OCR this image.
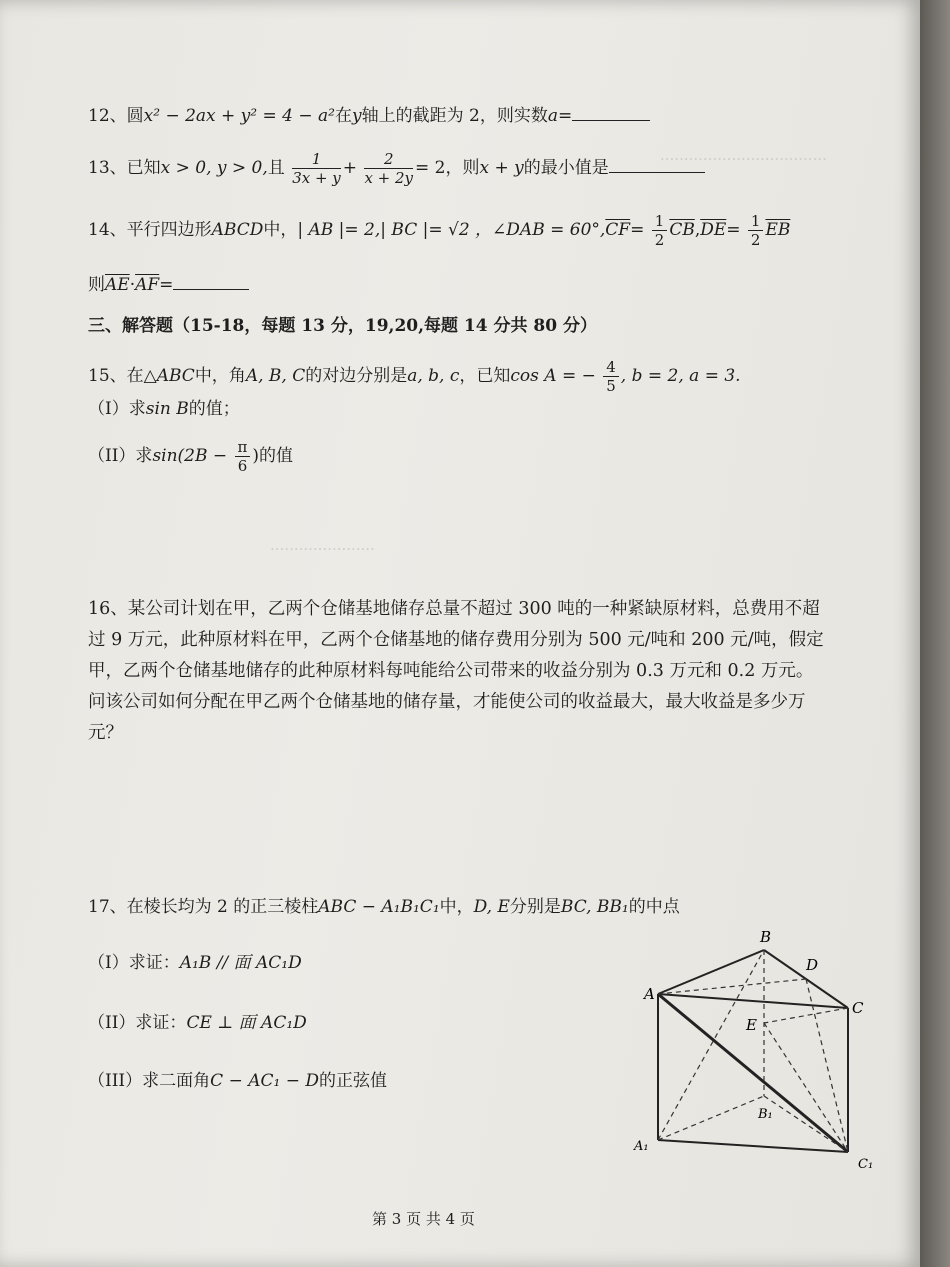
···································
······················
12、圆x² − 2ax + y² = 4 − a²在y轴上的截距为 2，则实数a=
13、已知x > 0, y > 0,且 $\frac{1}{3x + y} + \frac{2}{x + 2y} = 2$，则x + y的最小值是
14、平行四边形ABCD中，| AB |= 2,| BC |= √2 ，∠DAB = $60^\circ,\overline{CF}= \frac{1}{2} \overline{CB},\overline{DE}= \frac{1}{2} \overline{EB}$
则$\overline{AE}\cdot\overline{AF}=$
三、解答题（15-18，每题 13 分，19,20,每题 14 分共 80 分）
15、在△ABC中，角A, B, C的对边分别是a, b, c，已知cos A = − $\frac{4}{5}$ , b = 2, a = 3.
（I）求sin B的值；
（II）求$\sin(2B - \frac{\pi}{6}$ )的值
16、某公司计划在甲，乙两个仓储基地储存总量不超过 300 吨的一种紧缺原材料，总费用不超过 9 万元，此种原材料在甲，乙两个仓储基地的储存费用分别为 500 元/吨和 200 元/吨，假定甲，乙两个仓储基地储存的此种原材料每吨能给公司带来的收益分别为 0.3 万元和 0.2 万元。问该公司如何分配在甲乙两个仓储基地的储存量，才能使公司的收益最大，最大收益是多少万元？
17、在棱长均为 2 的正三棱柱ABC − A₁B₁C₁中，D, E分别是BC, BB₁的中点
（I）求证：A₁B // 面 AC₁D
（II）求证：CE ⊥ 面 AC₁D
（III）求二面角C − AC₁ − D的正弦值
B
D
A
C
E
B₁
A₁
C₁
第 3 页 共 4 页
